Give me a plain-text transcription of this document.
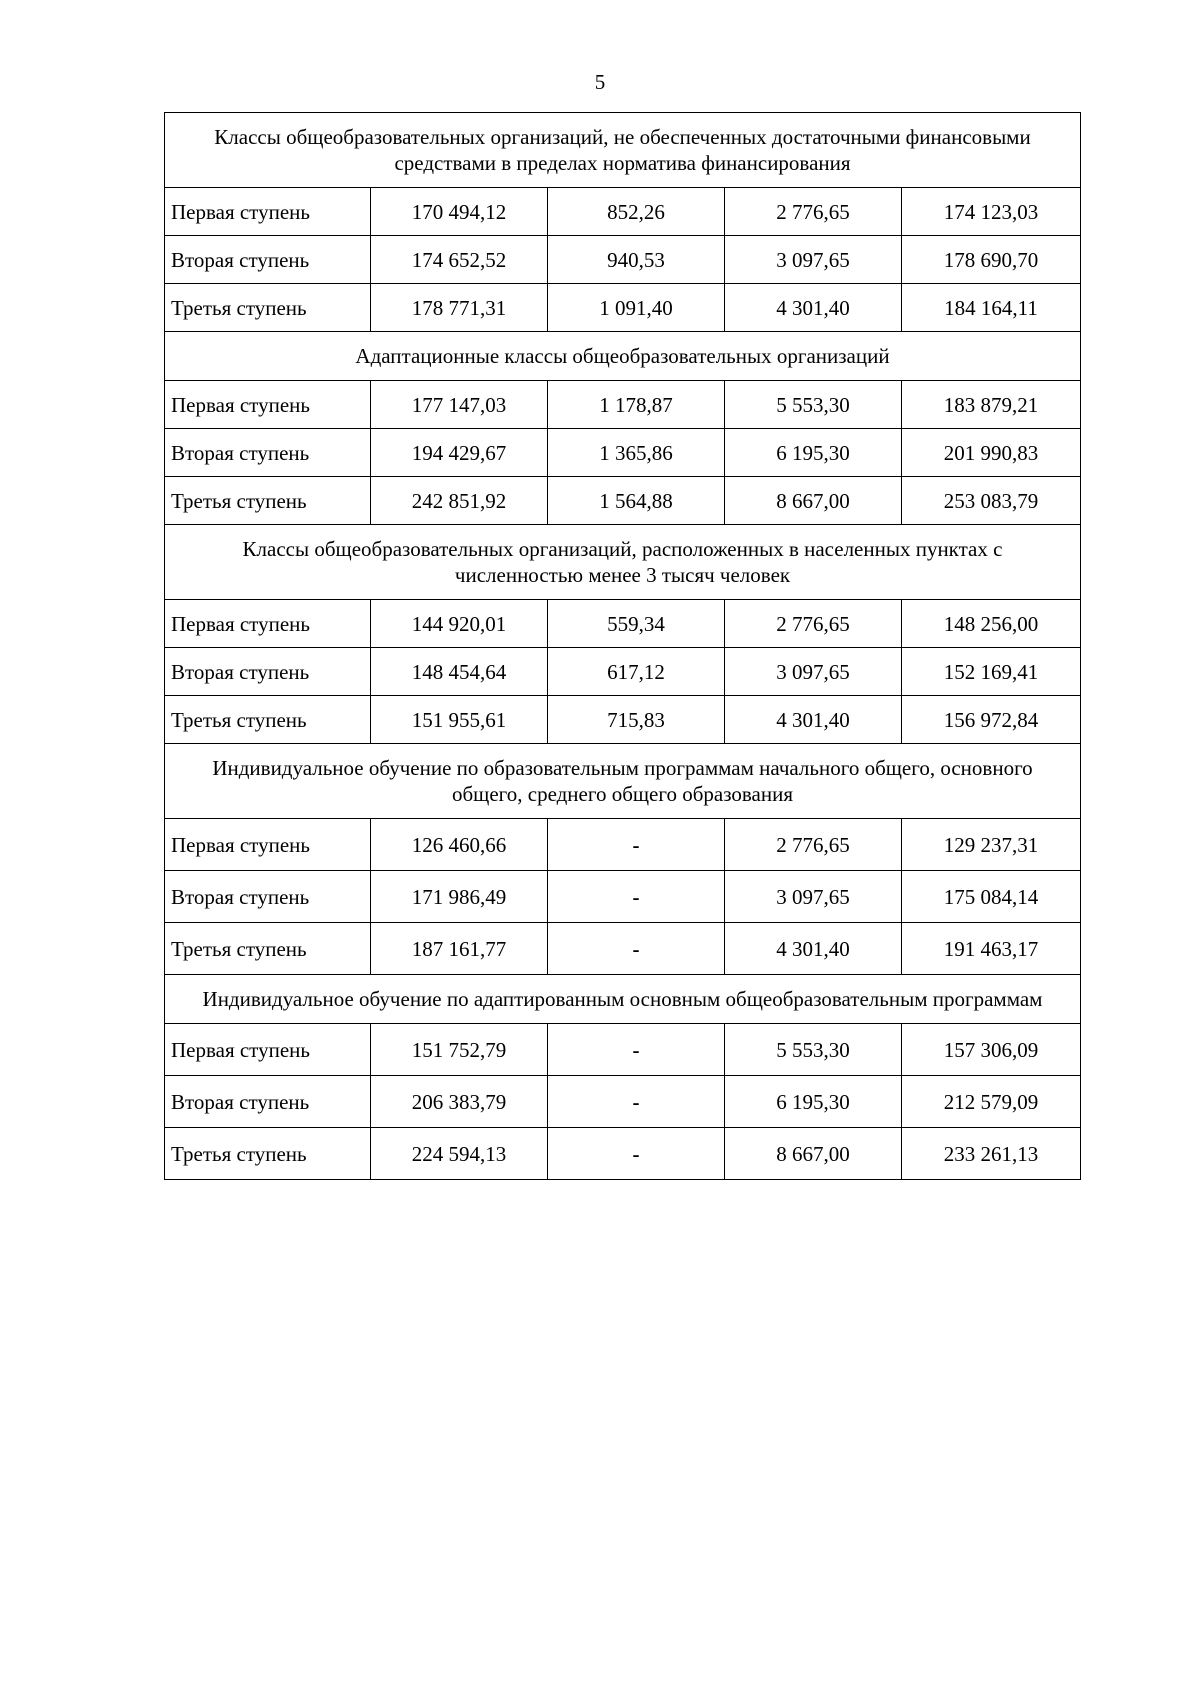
5
Классы общеобразовательных организаций, не обеспеченных достаточными финансовыми средствами в пределах норматива финансирования				
Первая ступень	170 494,12	852,26	2 776,65	174 123,03
Вторая ступень	174 652,52	940,53	3 097,65	178 690,70
Третья ступень	178 771,31	1 091,40	4 301,40	184 164,11
Адаптационные классы общеобразовательных организаций				
Первая ступень	177 147,03	1 178,87	5 553,30	183 879,21
Вторая ступень	194 429,67	1 365,86	6 195,30	201 990,83
Третья ступень	242 851,92	1 564,88	8 667,00	253 083,79
Классы общеобразовательных организаций, расположенных в населенных пунктах с численностью менее 3 тысяч человек				
Первая ступень	144 920,01	559,34	2 776,65	148 256,00
Вторая ступень	148 454,64	617,12	3 097,65	152 169,41
Третья ступень	151 955,61	715,83	4 301,40	156 972,84
Индивидуальное обучение по образовательным программам начального общего, основного общего, среднего общего образования				
Первая ступень	126 460,66	-	2 776,65	129 237,31
Вторая ступень	171 986,49	-	3 097,65	175 084,14
Третья ступень	187 161,77	-	4 301,40	191 463,17
Индивидуальное обучение по адаптированным основным общеобразовательным программам				
Первая ступень	151 752,79	-	5 553,30	157 306,09
Вторая ступень	206 383,79	-	6 195,30	212 579,09
Третья ступень	224 594,13	-	8 667,00	233 261,13
